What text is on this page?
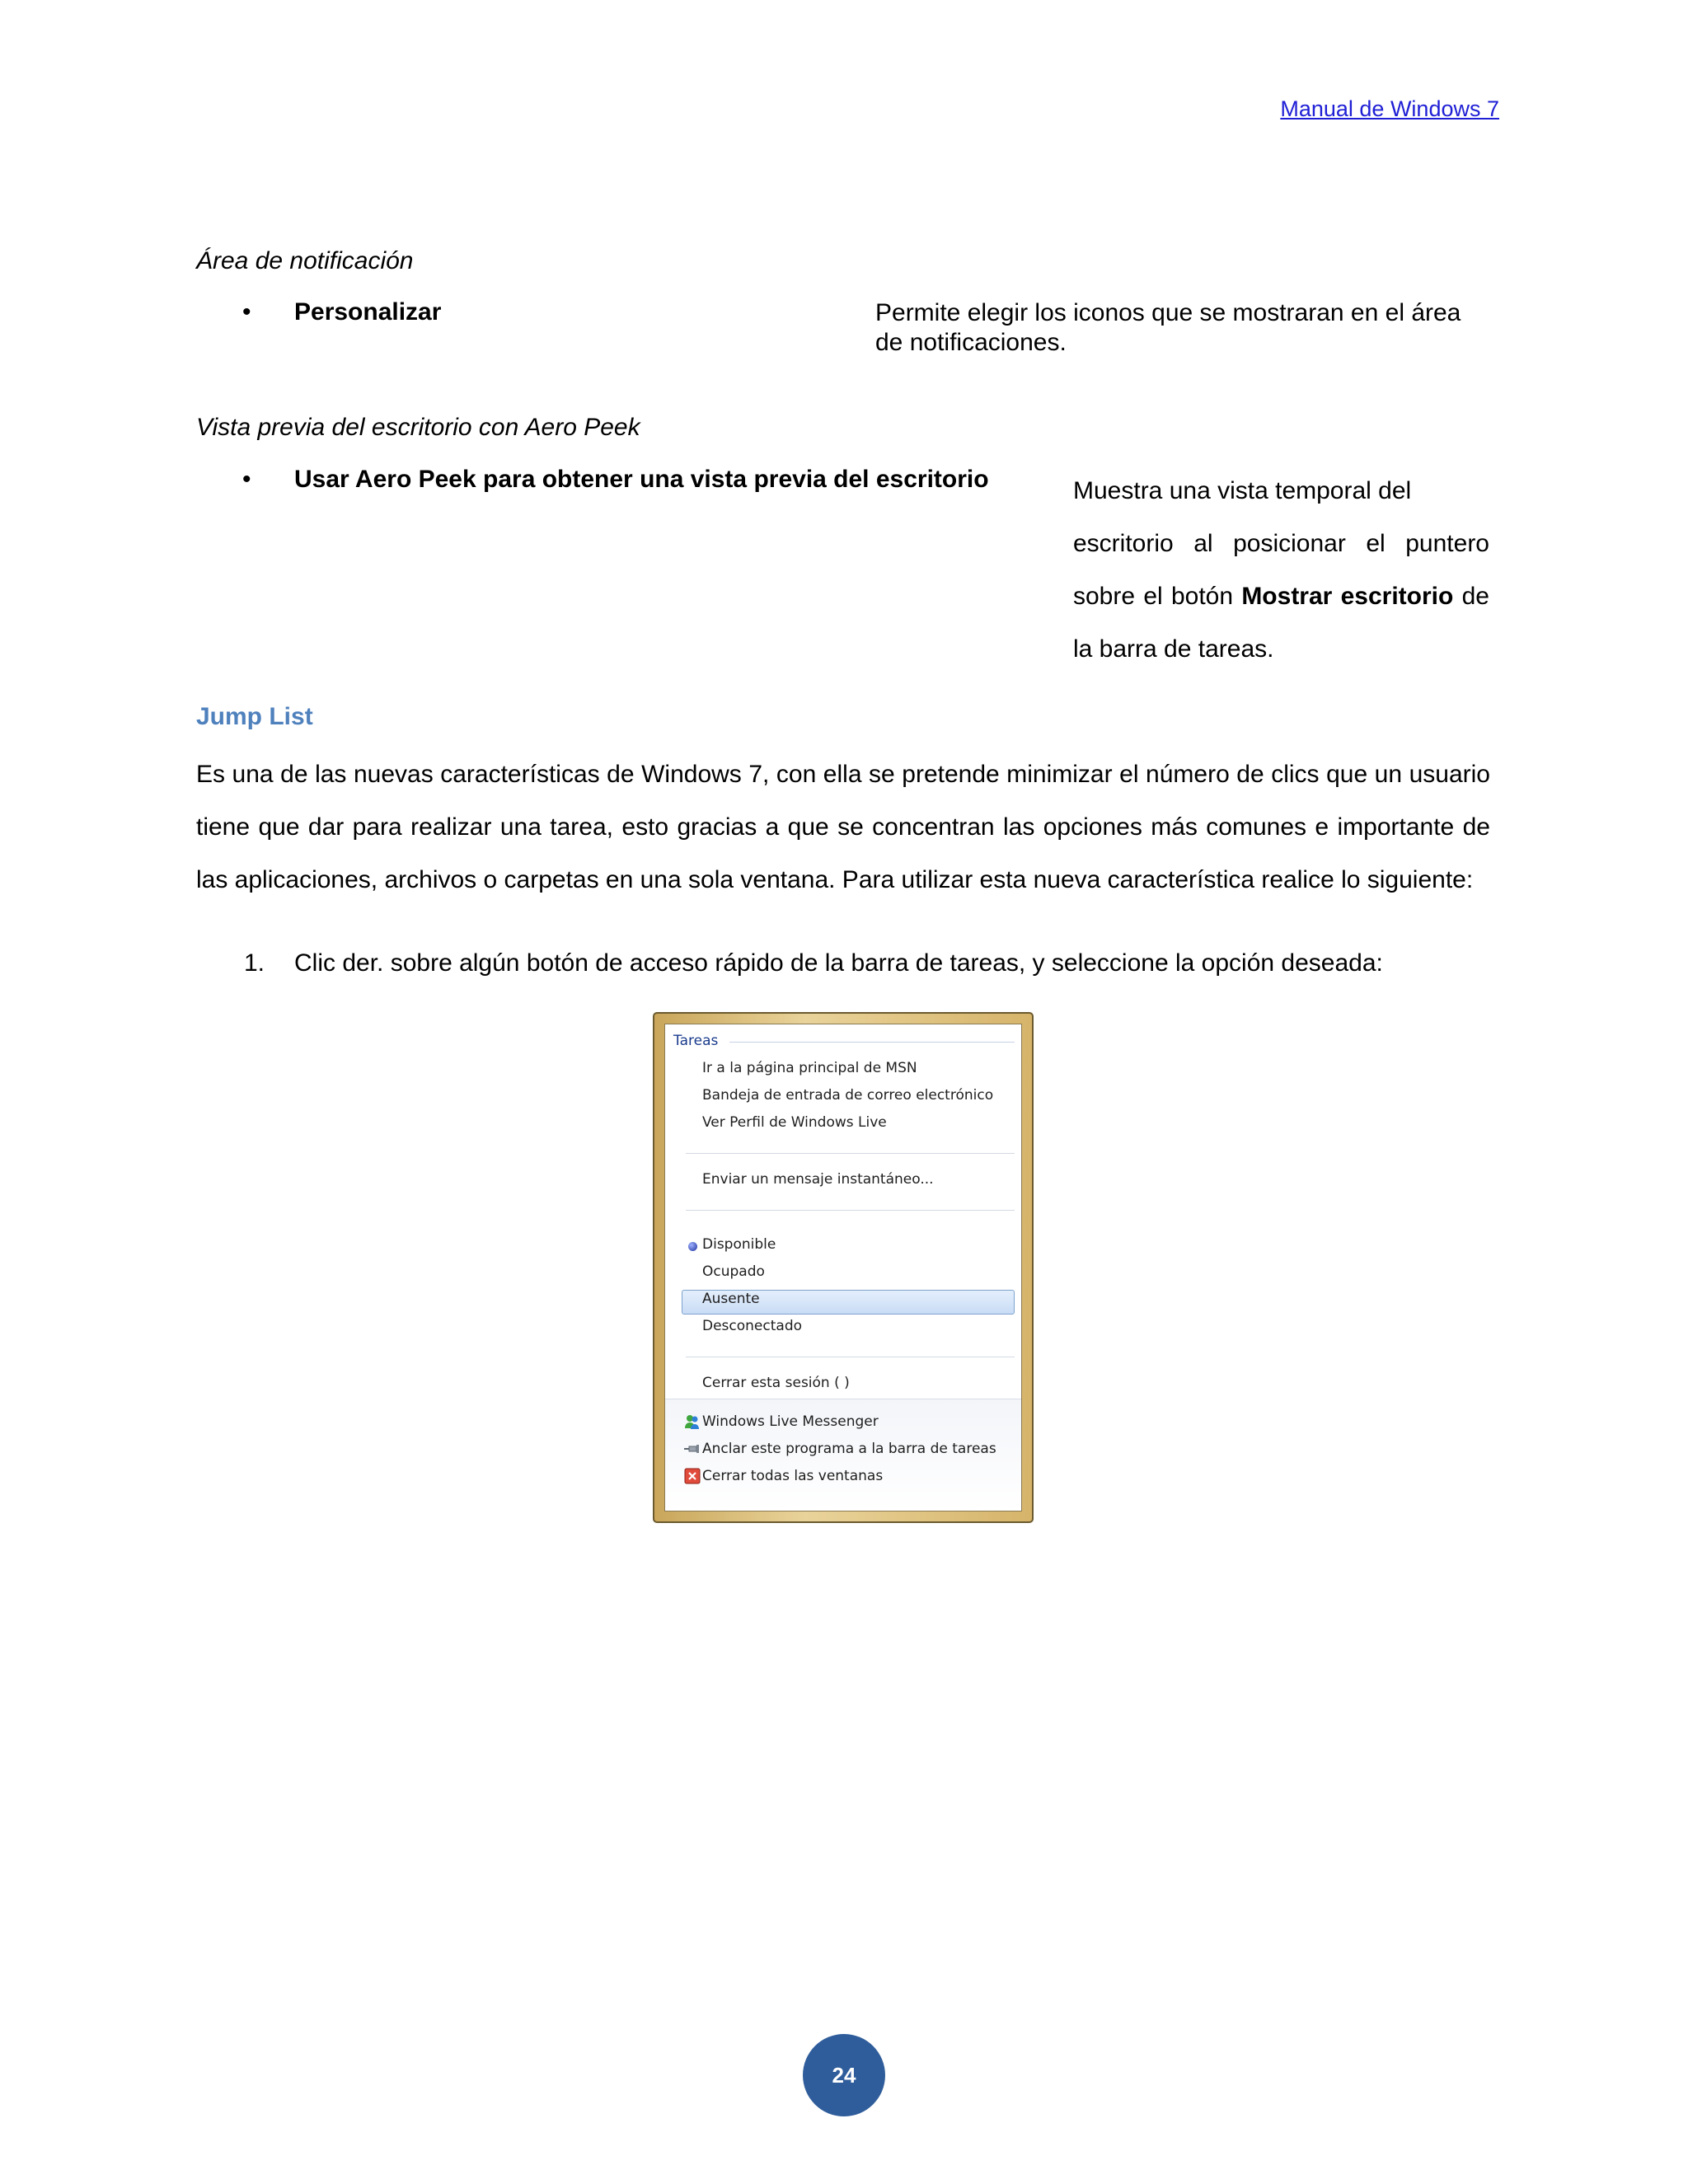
Manual de Windows 7
Área de notificación
• Personalizar	Permite elegir los iconos que se mostraran en el área
de notificaciones.
Vista previa del escritorio con Aero Peek
• Usar Aero Peek para obtener una vista previa del escritorio	Muestra una vista temporal del

escritorio al posicionar el puntero

sobre el botón Mostrar escritorio de

la barra de tareas.

Jump List

Es una de las nuevas características de Windows 7, con ella se pretende minimizar el número de clics que un usuario

tiene que dar para realizar una tarea, esto gracias a que se concentran las opciones más comunes e importante de

las aplicaciones, archivos o carpetas en una sola ventana. Para utilizar esta nueva característica realice lo siguiente:

1. Clic der. sobre algún botón de acceso rápido de la barra de tareas, y seleccione la opción deseada:
Tareas
Ir a la página principal de MSN
Bandeja de entrada de correo electrónico
Ver Perfil de Windows Live
Enviar un mensaje instantáneo...
Disponible
Ocupado
Ausente
Desconectado
Cerrar esta sesión ( )
Windows Live Messenger
Anclar este programa a la barra de tareas
Cerrar todas las ventanas
24
